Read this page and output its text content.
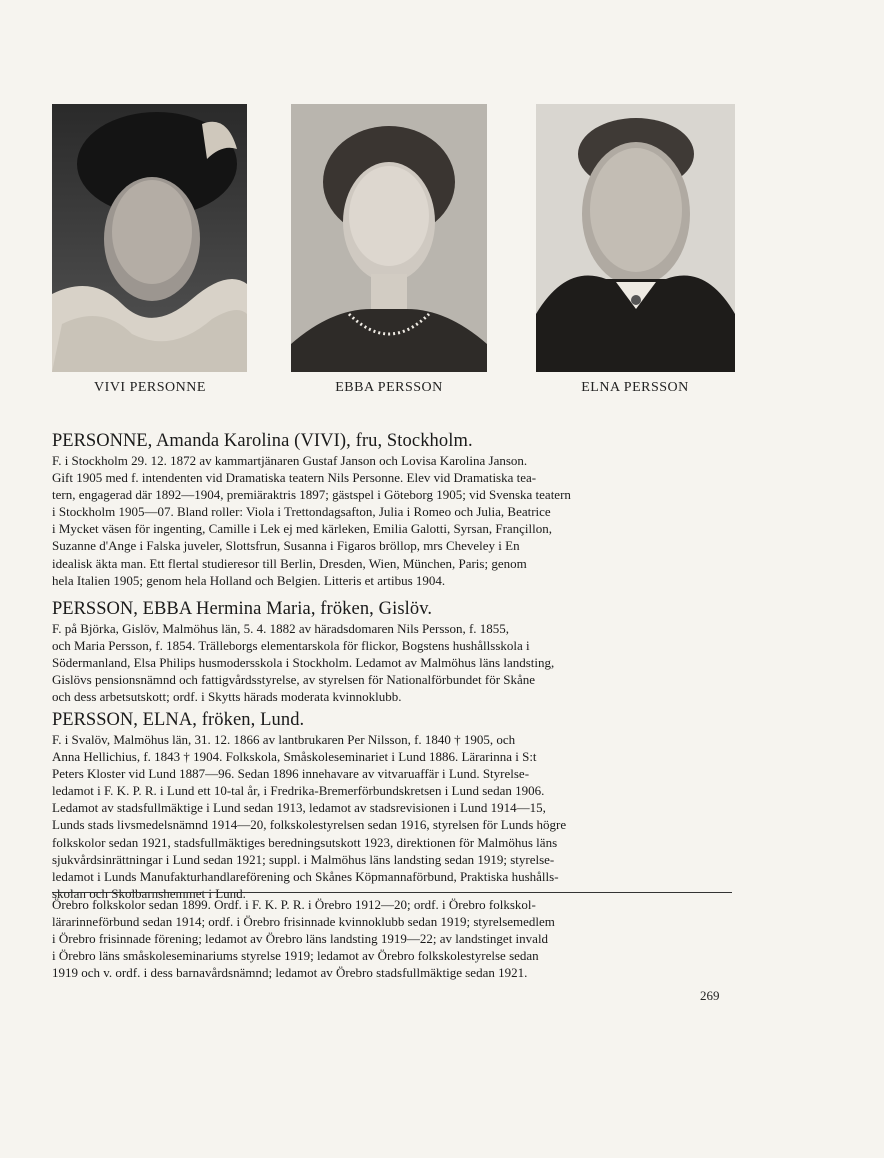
VIVI PERSONNE	EBBA PERSSON	ELNA PERSSON

PERSONNE, Amanda Karolina (VIVI), fru, Stockholm.

F. i Stockholm 29. 12. 1872 av kammartjänaren Gustaf Janson och Lovisa Karolina Janson.
Gift 1905 med f. intendenten vid Dramatiska teatern Nils Personne. Elev vid Dramatiska tea-
tern, engagerad där 1892—1904, premiäraktris 1897; gästspel i Göteborg 1905; vid Svenska teatern
i Stockholm 1905—07. Bland roller: Viola i Trettondagsafton, Julia i Romeo och Julia, Beatrice
i Mycket väsen för ingenting, Camille i Lek ej med kärleken, Emilia Galotti, Syrsan, Françillon,
Suzanne d'Ange i Falska juveler, Slottsfrun, Susanna i Figaros bröllop, mrs Cheveley i En
idealisk äkta man. Ett flertal studieresor till Berlin, Dresden, Wien, München, Paris; genom
hela Italien 1905; genom hela Holland och Belgien. Litteris et artibus 1904.

PERSSON, EBBA Hermina Maria, fröken, Gislöv.

F. på Björka, Gislöv, Malmöhus län, 5. 4. 1882 av häradsdomaren Nils Persson, f. 1855,
och Maria Persson, f. 1854. Trälleborgs elementarskola för flickor, Bogstens hushållsskola i
Södermanland, Elsa Philips husmodersskola i Stockholm. Ledamot av Malmöhus läns landsting,
Gislövs pensionsnämnd och fattigvårdsstyrelse, av styrelsen för Nationalförbundet för Skåne
och dess arbetsutskott; ordf. i Skytts härads moderata kvinnoklubb.

PERSSON, ELNA, fröken, Lund.

F. i Svalöv, Malmöhus län, 31. 12. 1866 av lantbrukaren Per Nilsson, f. 1840 † 1905, och
Anna Hellichius, f. 1843 † 1904. Folkskola, Småskoleseminariet i Lund 1886. Lärarinna i S:t
Peters Kloster vid Lund 1887—96. Sedan 1896 innehavare av vitvaruaffär i Lund. Styrelse-
ledamot i F. K. P. R. i Lund ett 10-tal år, i Fredrika-Bremerförbundskretsen i Lund sedan 1906.
Ledamot av stadsfullmäktige i Lund sedan 1913, ledamot av stadsrevisionen i Lund 1914—15,
Lunds stads livsmedelsnämnd 1914—20, folkskolestyrelsen sedan 1916, styrelsen för Lunds högre
folkskolor sedan 1921, stadsfullmäktiges beredningsutskott 1923, direktionen för Malmöhus läns
sjukvårdsinrättningar i Lund sedan 1921; suppl. i Malmöhus läns landsting sedan 1919; styrelse-
ledamot i Lunds Manufakturhandlareförening och Skånes Köpmannaförbund, Praktiska hushålls-
skolan och Skolbarnshemmet i Lund.

Örebro folkskolor sedan 1899. Ordf. i F. K. P. R. i Örebro 1912—20; ordf. i Örebro folkskol-
lärarinneförbund sedan 1914; ordf. i Örebro frisinnade kvinnoklubb sedan 1919; styrelsemedlem
i Örebro frisinnade förening; ledamot av Örebro läns landsting 1919—22; av landstinget invald
i Örebro läns småskoleseminariums styrelse 1919; ledamot av Örebro folkskolestyrelse sedan
1919 och v. ordf. i dess barnavårdsnämnd; ledamot av Örebro stadsfullmäktige sedan 1921.

269
